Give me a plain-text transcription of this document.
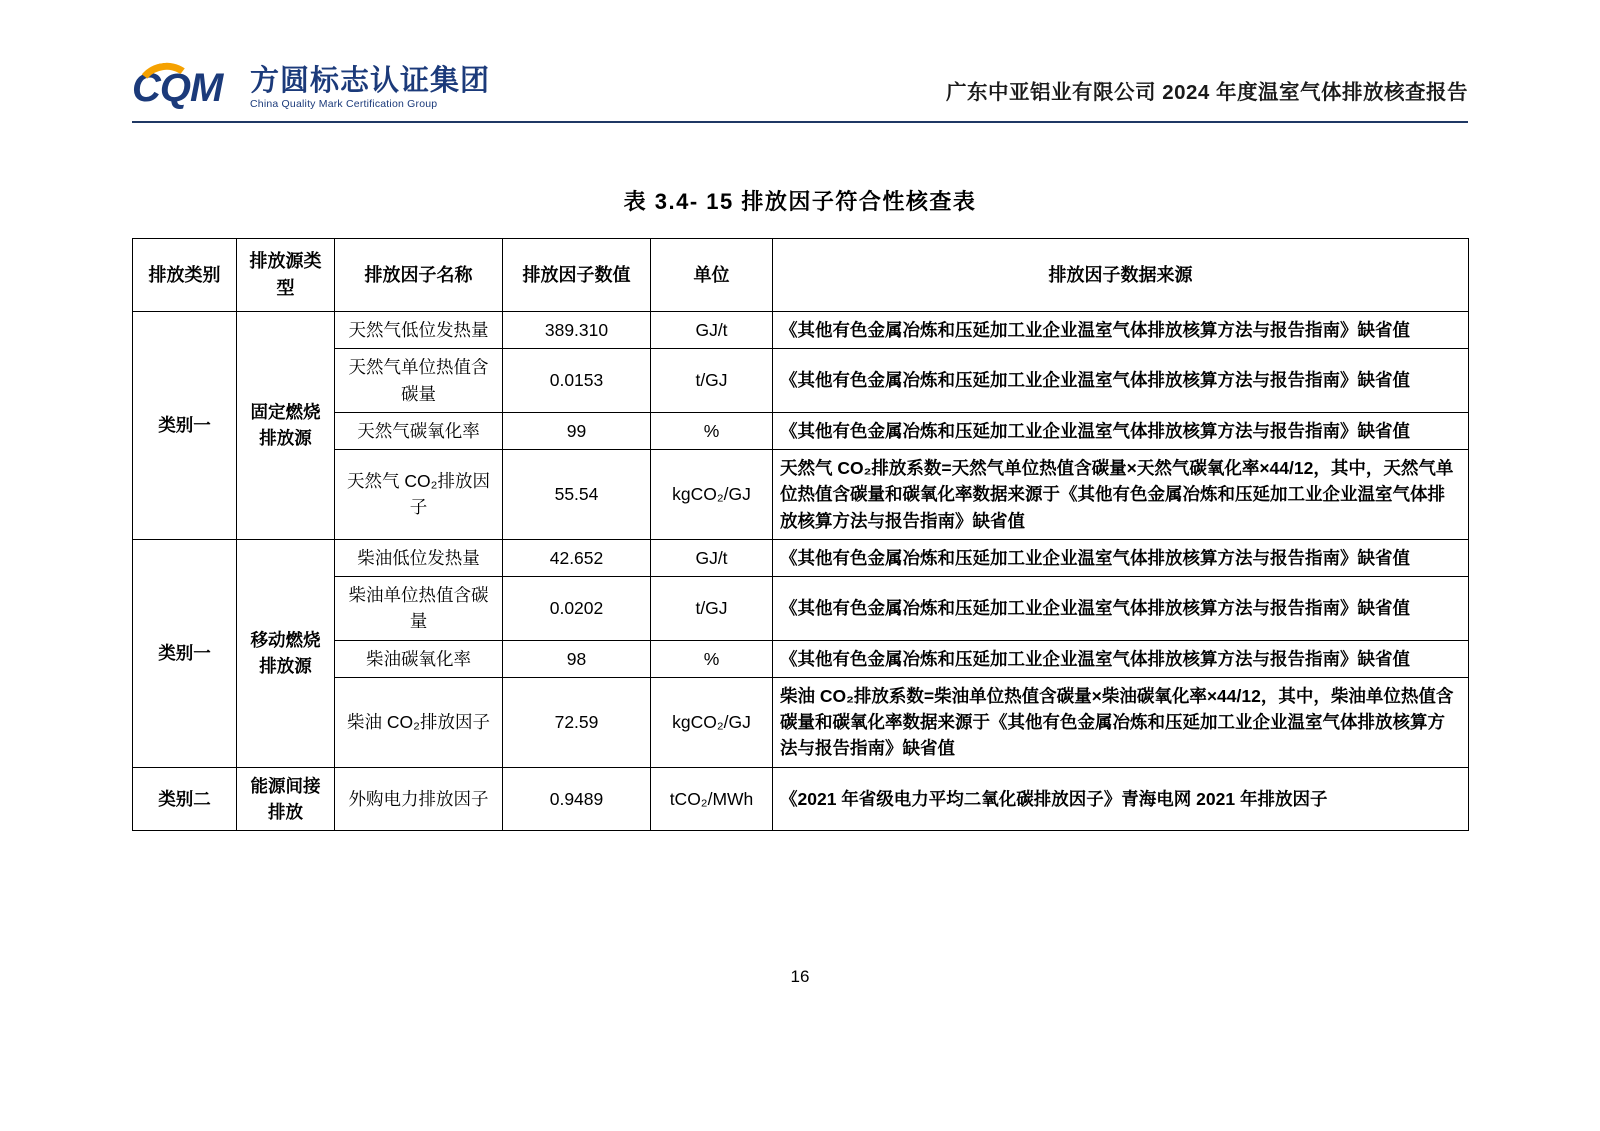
CQM 方圆标志认证集团
China Quality Mark Certification Group
广东中亚铝业有限公司 2024 年度温室气体排放核查报告
表 3.4- 15 排放因子符合性核查表
排放类别	排放源类型	排放因子名称	排放因子数值	单位	排放因子数据来源
类别一	固定燃烧排放源	天然气低位发热量	389.310	GJ/t	《其他有色金属冶炼和压延加工业企业温室气体排放核算方法与报告指南》缺省值
		天然气单位热值含碳量	0.0153	t/GJ	《其他有色金属冶炼和压延加工业企业温室气体排放核算方法与报告指南》缺省值
		天然气碳氧化率	99	%	《其他有色金属冶炼和压延加工业企业温室气体排放核算方法与报告指南》缺省值
		天然气 CO₂排放因子	55.54	kgCO₂/GJ	天然气 CO₂排放系数=天然气单位热值含碳量×天然气碳氧化率×44/12，其中，天然气单位热值含碳量和碳氧化率数据来源于《其他有色金属冶炼和压延加工业企业温室气体排放核算方法与报告指南》缺省值
类别一	移动燃烧排放源	柴油低位发热量	42.652	GJ/t	《其他有色金属冶炼和压延加工业企业温室气体排放核算方法与报告指南》缺省值
		柴油单位热值含碳量	0.0202	t/GJ	《其他有色金属冶炼和压延加工业企业温室气体排放核算方法与报告指南》缺省值
		柴油碳氧化率	98	%	《其他有色金属冶炼和压延加工业企业温室气体排放核算方法与报告指南》缺省值
		柴油 CO₂排放因子	72.59	kgCO₂/GJ	柴油 CO₂排放系数=柴油单位热值含碳量×柴油碳氧化率×44/12，其中，柴油单位热值含碳量和碳氧化率数据来源于《其他有色金属冶炼和压延加工业企业温室气体排放核算方法与报告指南》缺省值
类别二	能源间接排放	外购电力排放因子	0.9489	tCO₂/MWh	《2021 年省级电力平均二氧化碳排放因子》青海电网 2021 年排放因子
16
